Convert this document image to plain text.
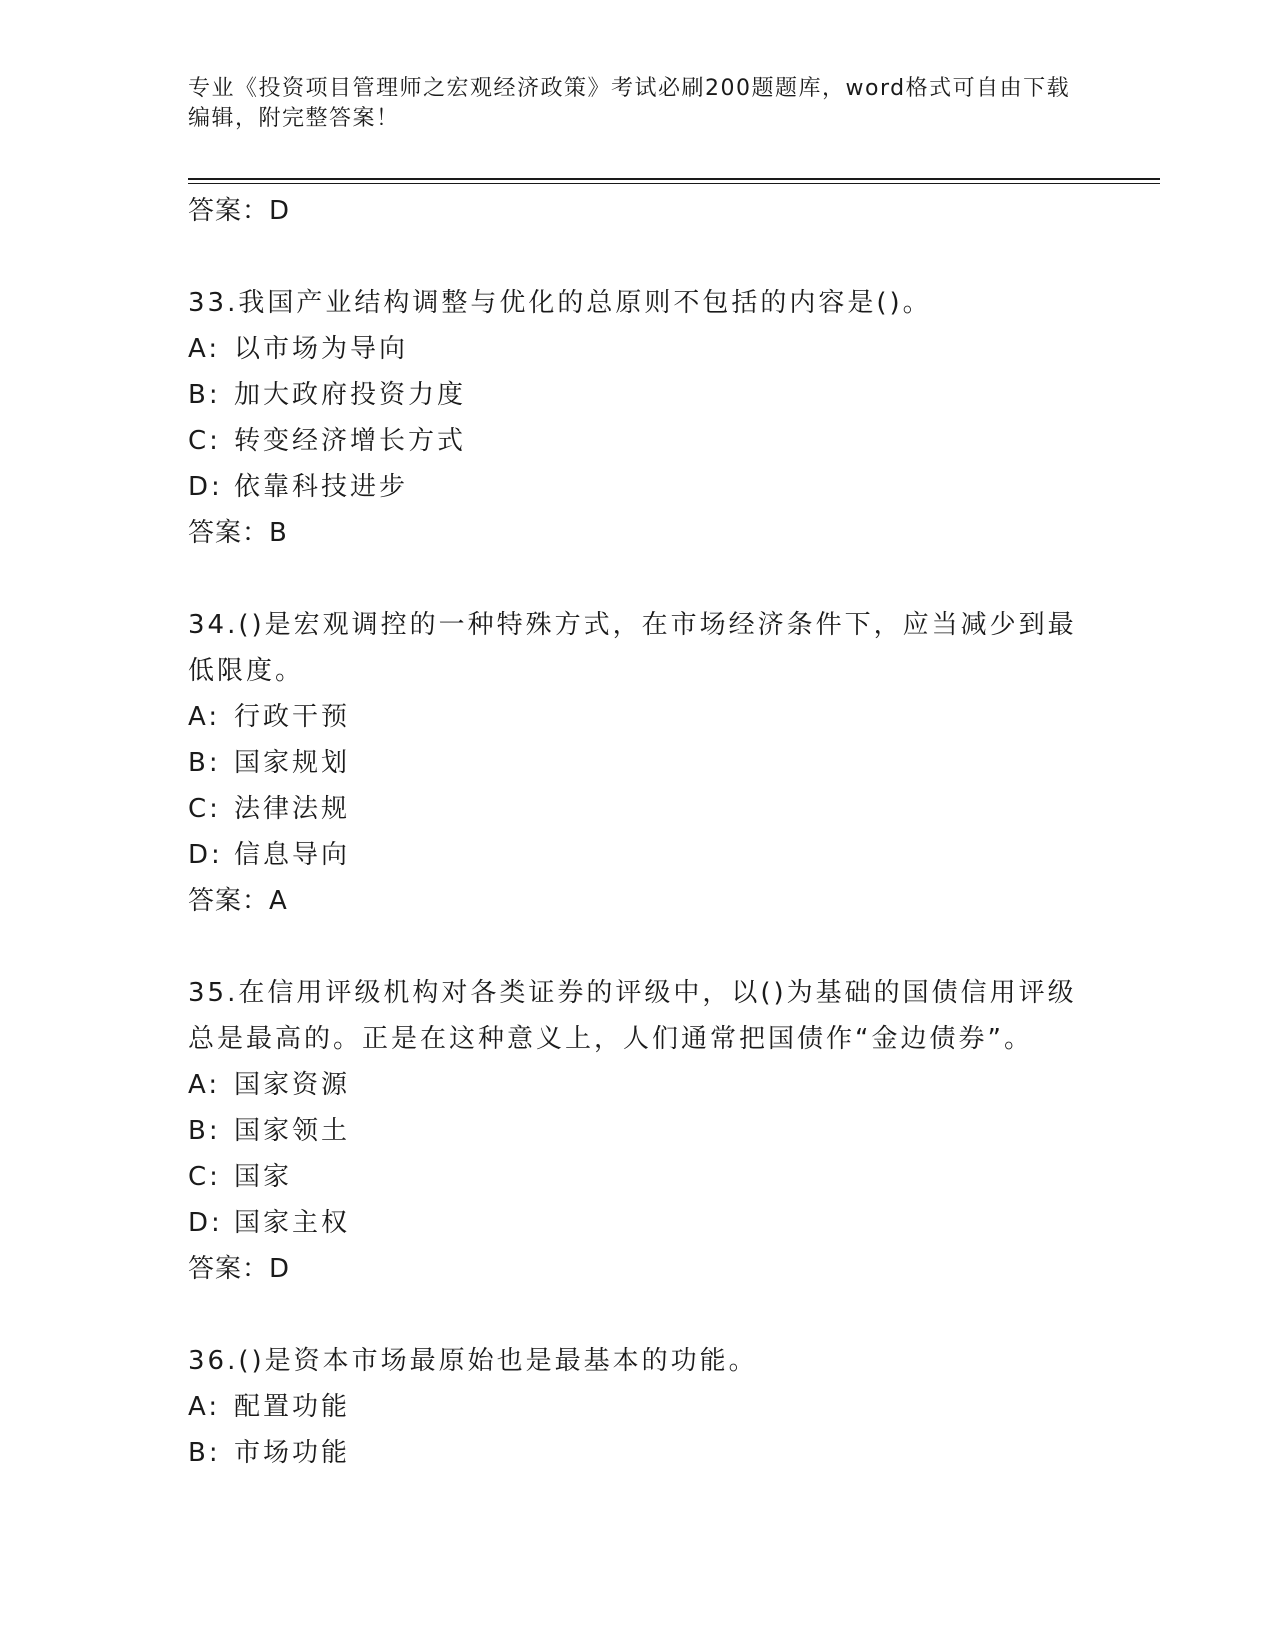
专业《投资项目管理师之宏观经济政策》考试必刷200题题库，word格式可自由下载编辑，附完整答案！

答案：D

33.我国产业结构调整与优化的总原则不包括的内容是()。

A: 以市场为导向

B: 加大政府投资力度

C: 转变经济增长方式

D: 依靠科技进步

答案：B

34.()是宏观调控的一种特殊方式，在市场经济条件下，应当减少到最低限度。

A: 行政干预

B: 国家规划

C: 法律法规

D: 信息导向

答案：A

35.在信用评级机构对各类证券的评级中，以()为基础的国债信用评级总是最高的。正是在这种意义上，人们通常把国债作“金边债券”。

A: 国家资源

B: 国家领土

C: 国家

D: 国家主权

答案：D

36.()是资本市场最原始也是最基本的功能。

A: 配置功能

B: 市场功能
